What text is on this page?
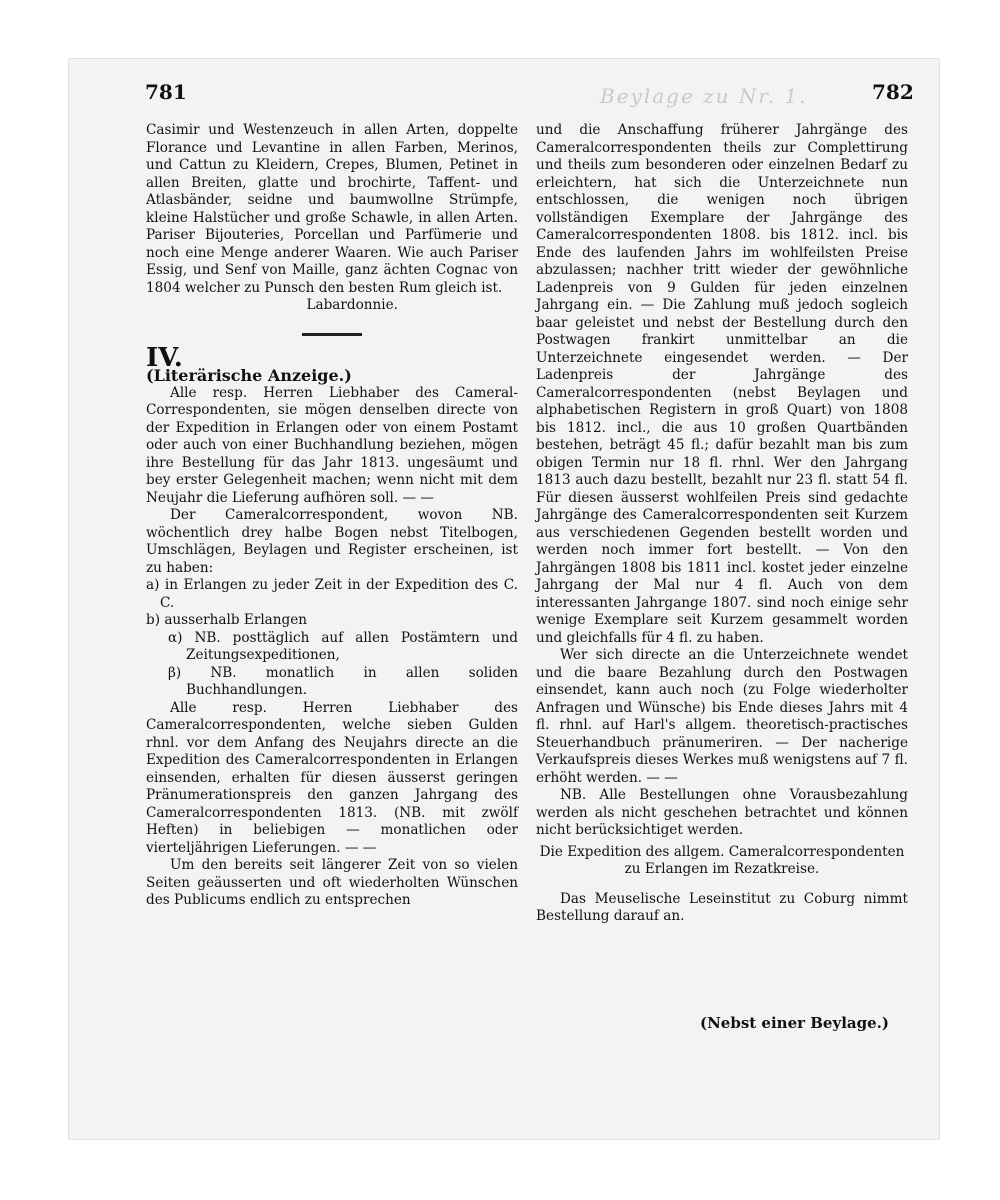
781	Beylage zu Nr. 1.	782

Casimir und Westenzeuch in allen Arten, doppelte Florance und Levantine in allen Farben, Merinos, und Cattun zu Kleidern, Crepes, Blumen, Petinet in allen Breiten, glatte und brochirte, Taffent- und Atlasbänder, seidne und baumwollne Strümpfe, kleine Halstücher und große Schawle, in allen Arten. Pariser Bijouteries, Porcellan und Parfümerie und noch eine Menge anderer Waaren. Wie auch Pariser Essig, und Senf von Maille, ganz ächten Cognac von 1804 welcher zu Punsch den besten Rum gleich ist.

Labardonnie.

IV.

(Literärische Anzeige.)

Alle resp. Herren Liebhaber des Cameral-Correspondenten, sie mögen denselben directe von der Expedition in Erlangen oder von einem Postamt oder auch von einer Buchhandlung beziehen, mögen ihre Bestellung für das Jahr 1813. ungesäumt und bey erster Gelegenheit machen; wenn nicht mit dem Neujahr die Lieferung aufhören soll. — —

Der Cameralcorrespondent, wovon NB. wöchentlich drey halbe Bogen nebst Titelbogen, Umschlägen, Beylagen und Register erscheinen, ist zu haben:

a) in Erlangen zu jeder Zeit in der Expedition des C. C.

b) ausserhalb Erlangen

α) NB. posttäglich auf allen Postämtern und Zeitungsexpeditionen,

β) NB. monatlich in allen soliden Buchhandlungen.

Alle resp. Herren Liebhaber des Cameralcorrespondenten, welche sieben Gulden rhnl. vor dem Anfang des Neujahrs directe an die Expedition des Cameralcorrespondenten in Erlangen einsenden, erhalten für diesen äusserst geringen Pränumerationspreis den ganzen Jahrgang des Cameralcorrespondenten 1813. (NB. mit zwölf Heften) in beliebigen — monatlichen oder vierteljährigen Lieferungen. — —

Um den bereits seit längerer Zeit von so vielen Seiten geäusserten und oft wiederholten Wünschen des Publicums endlich zu entsprechen

und die Anschaffung früherer Jahrgänge des Cameralcorrespondenten theils zur Complettirung und theils zum besonderen oder einzelnen Bedarf zu erleichtern, hat sich die Unterzeichnete nun entschlossen, die wenigen noch übrigen vollständigen Exemplare der Jahrgänge des Cameralcorrespondenten 1808. bis 1812. incl. bis Ende des laufenden Jahrs im wohlfeilsten Preise abzulassen; nachher tritt wieder der gewöhnliche Ladenpreis von 9 Gulden für jeden einzelnen Jahrgang ein. — Die Zahlung muß jedoch sogleich baar geleistet und nebst der Bestellung durch den Postwagen frankirt unmittelbar an die Unterzeichnete eingesendet werden. — Der Ladenpreis der Jahrgänge des Cameralcorrespondenten (nebst Beylagen und alphabetischen Registern in groß Quart) von 1808 bis 1812. incl., die aus 10 großen Quartbänden bestehen, beträgt 45 fl.; dafür bezahlt man bis zum obigen Termin nur 18 fl. rhnl. Wer den Jahrgang 1813 auch dazu bestellt, bezahlt nur 23 fl. statt 54 fl. Für diesen äusserst wohlfeilen Preis sind gedachte Jahrgänge des Cameralcorrespondenten seit Kurzem aus verschiedenen Gegenden bestellt worden und werden noch immer fort bestellt. — Von den Jahrgängen 1808 bis 1811 incl. kostet jeder einzelne Jahrgang der Mal nur 4 fl. Auch von dem interessanten Jahrgange 1807. sind noch einige sehr wenige Exemplare seit Kurzem gesammelt worden und gleichfalls für 4 fl. zu haben.

Wer sich directe an die Unterzeichnete wendet und die baare Bezahlung durch den Postwagen einsendet, kann auch noch (zu Folge wiederholter Anfragen und Wünsche) bis Ende dieses Jahrs mit 4 fl. rhnl. auf Harl's allgem. theoretisch-practisches Steuerhandbuch pränumeriren. — Der nacherige Verkaufspreis dieses Werkes muß wenigstens auf 7 fl. erhöht werden. — —

NB. Alle Bestellungen ohne Vorausbezahlung werden als nicht geschehen betrachtet und können nicht berücksichtiget werden.

Die Expedition des allgem. Cameralcorrespondenten zu Erlangen im Rezatkreise.

Das Meuselische Leseinstitut zu Coburg nimmt Bestellung darauf an.

(Nebst einer Beylage.)
